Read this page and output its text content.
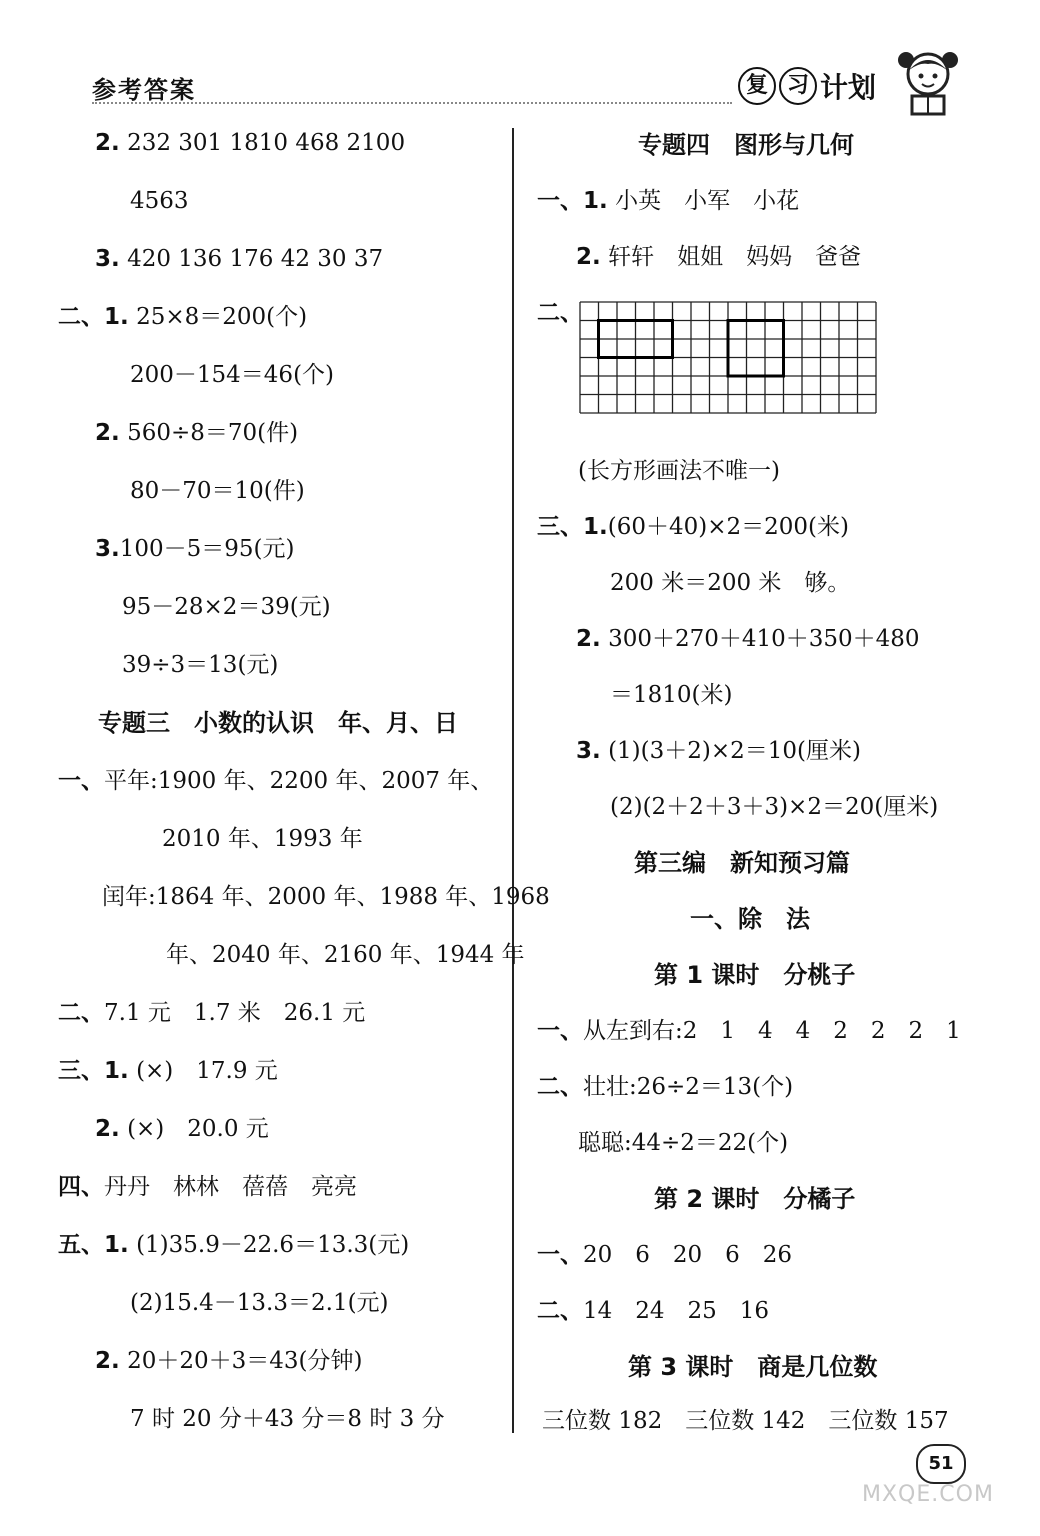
参考答案	复 习 计划
2. 232 301 1810 468 2100
4563
3. 420 136 176 42 30 37
二、1. 25×8＝200(个)
200－154＝46(个)
2. 560÷8＝70(件)
80－70＝10(件)
3.100－5＝95(元)
95－28×2＝39(元)
39÷3＝13(元)
专题三　小数的认识　年、月、日
一、平年:1900 年、2200 年、2007 年、
2010 年、1993 年
闰年:1864 年、2000 年、1988 年、1968
年、2040 年、2160 年、1944 年
二、7.1 元　1.7 米　26.1 元
三、1. (×)　17.9 元
2. (×)　20.0 元
四、丹丹　林林　蓓蓓　亮亮
五、1. (1)35.9－22.6＝13.3(元)
(2)15.4－13.3＝2.1(元)
2. 20＋20＋3＝43(分钟)
7 时 20 分＋43 分＝8 时 3 分
专题四　图形与几何
一、1. 小英　小军　小花
2. 轩轩　姐姐　妈妈　爸爸
二、
(长方形画法不唯一)
三、1.(60＋40)×2＝200(米)
200 米＝200 米　够。
2. 300＋270＋410＋350＋480
＝1810(米)
3. (1)(3＋2)×2＝10(厘米)
(2)(2＋2＋3＋3)×2＝20(厘米)
第三编　新知预习篇
一、除　法
第 1 课时　分桃子
一、从左到右:2　1　4　4　2　2　2　1
二、壮壮:26÷2＝13(个)
聪聪:44÷2＝22(个)
第 2 课时　分橘子
一、20　6　20　6　26
二、14　24　25　16
第 3 课时　商是几位数
三位数 182　三位数 142　三位数 157
51
MXQE.COM
